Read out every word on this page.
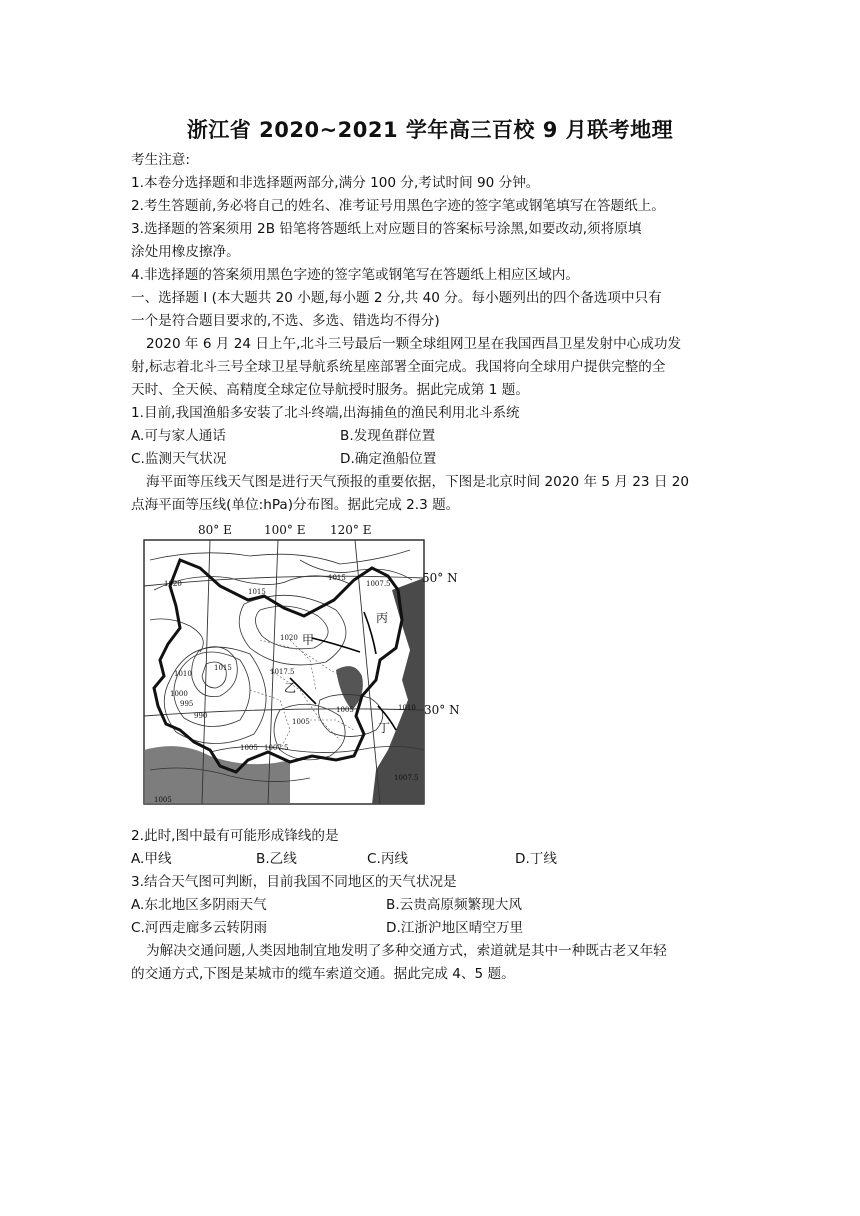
浙江省 2020~2021 学年高三百校 9 月联考地理
考生注意:
1.本卷分选择题和非选择题两部分,满分 100 分,考试时间 90 分钟。
2.考生答题前,务必将自己的姓名、准考证号用黑色字迹的签字笔或钢笔填写在答题纸上。
3.选择题的答案须用 2B 铅笔将答题纸上对应题目的答案标号涂黑,如要改动,须将原填
涂处用橡皮擦净。
4.非选择题的答案须用黑色字迹的签字笔或钢笔写在答题纸上相应区域内。
一、选择题 I (本大题共 20 小题,每小题 2 分,共 40 分。每小题列出的四个备选项中只有
一个是符合题目要求的,不选、多选、错选均不得分)
2020 年 6 月 24 日上午,北斗三号最后一颗全球组网卫星在我国西昌卫星发射中心成功发
射,标志着北斗三号全球卫星导航系统星座部署全面完成。我国将向全球用户提供完整的全
天时、全天候、高精度全球定位导航授时服务。据此完成第 1 题。
1.目前,我国渔船多安装了北斗终端,出海捕鱼的渔民利用北斗系统
A.可与家人通话	B.发现鱼群位置
C.监测天气状况	D.确定渔船位置
海平面等压线天气图是进行天气预报的重要依据，下图是北京时间 2020 年 5 月 23 日 20
点海平面等压线(单位:hPa)分布图。据此完成 2.3 题。
80° E	100° E 120° E
50° N
30° N
1020
1015
1015
1007.5
1020
1010
1015	1017.5
1000
995
990
1005
1005	1010
1005 1007.5
1007.5
1005
甲
乙
丙
丁
2.此时,图中最有可能形成锋线的是
A.甲线	B.乙线	C.丙线	D.丁线
3.结合天气图可判断，目前我国不同地区的天气状况是
A.东北地区多阴雨天气	B.云贵高原频繁现大风
C.河西走廊多云转阴雨	D.江浙沪地区晴空万里
为解决交通问题,人类因地制宜地发明了多种交通方式，索道就是其中一种既古老又年轻
的交通方式,下图是某城市的缆车索道交通。据此完成 4、5 题。
